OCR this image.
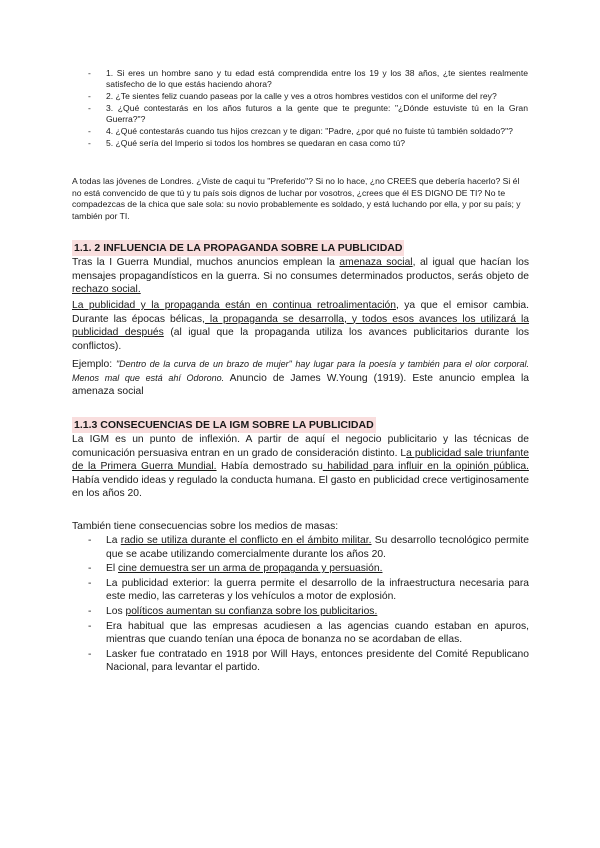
- 1. Si eres un hombre sano y tu edad está comprendida entre los 19 y los 38 años, ¿te sientes realmente satisfecho de lo que estás haciendo ahora?
- 2. ¿Te sientes feliz cuando paseas por la calle y ves a otros hombres vestidos con el uniforme del rey?
- 3. ¿Qué contestarás en los años futuros a la gente que te pregunte: "¿Dónde estuviste tú en la Gran Guerra?"?
- 4. ¿Qué contestarás cuando tus hijos crezcan y te digan: "Padre, ¿por qué no fuiste tú también soldado?"?
- 5. ¿Qué sería del Imperio si todos los hombres se quedaran en casa como tú?
A todas las jóvenes de Londres. ¿Viste de caqui tu "Preferido"? Si no lo hace, ¿no CREES que debería hacerlo? Si él no está convencido de que tú y tu país sois dignos de luchar por vosotros, ¿crees que él ES DIGNO DE TI? No te compadezcas de la chica que sale sola: su novio probablemente es soldado, y está luchando por ella, y por su país; y también por TI.
1.1. 2 INFLUENCIA DE LA PROPAGANDA SOBRE LA PUBLICIDAD
Tras la I Guerra Mundial, muchos anuncios emplean la amenaza social, al igual que hacían los mensajes propagandísticos en la guerra. Si no consumes determinados productos, serás objeto de rechazo social.
La publicidad y la propaganda están en continua retroalimentación, ya que el emisor cambia. Durante las épocas bélicas, la propaganda se desarrolla, y todos esos avances los utilizará la publicidad después (al igual que la propaganda utiliza los avances publicitarios durante los conflictos).
Ejemplo: "Dentro de la curva de un brazo de mujer" hay lugar para la poesía y también para el olor corporal. Menos mal que está ahí Odorono. Anuncio de James W.Young (1919). Este anuncio emplea la amenaza social
1.1.3 CONSECUENCIAS DE LA IGM SOBRE LA PUBLICIDAD
La IGM es un punto de inflexión. A partir de aquí el negocio publicitario y las técnicas de comunicación persuasiva entran en un grado de consideración distinto. La publicidad sale triunfante de la Primera Guerra Mundial. Había demostrado su habilidad para influir en la opinión pública. Había vendido ideas y regulado la conducta humana. El gasto en publicidad crece vertiginosamente en los años 20.
También tiene consecuencias sobre los medios de masas:
- La radio se utiliza durante el conflicto en el ámbito militar. Su desarrollo tecnológico permite que se acabe utilizando comercialmente durante los años 20.
- El cine demuestra ser un arma de propaganda y persuasión.
- La publicidad exterior: la guerra permite el desarrollo de la infraestructura necesaria para este medio, las carreteras y los vehículos a motor de explosión.
- Los políticos aumentan su confianza sobre los publicitarios.
- Era habitual que las empresas acudiesen a las agencias cuando estaban en apuros, mientras que cuando tenían una época de bonanza no se acordaban de ellas.
- Lasker fue contratado en 1918 por Will Hays, entonces presidente del Comité Republicano Nacional, para levantar el partido.
